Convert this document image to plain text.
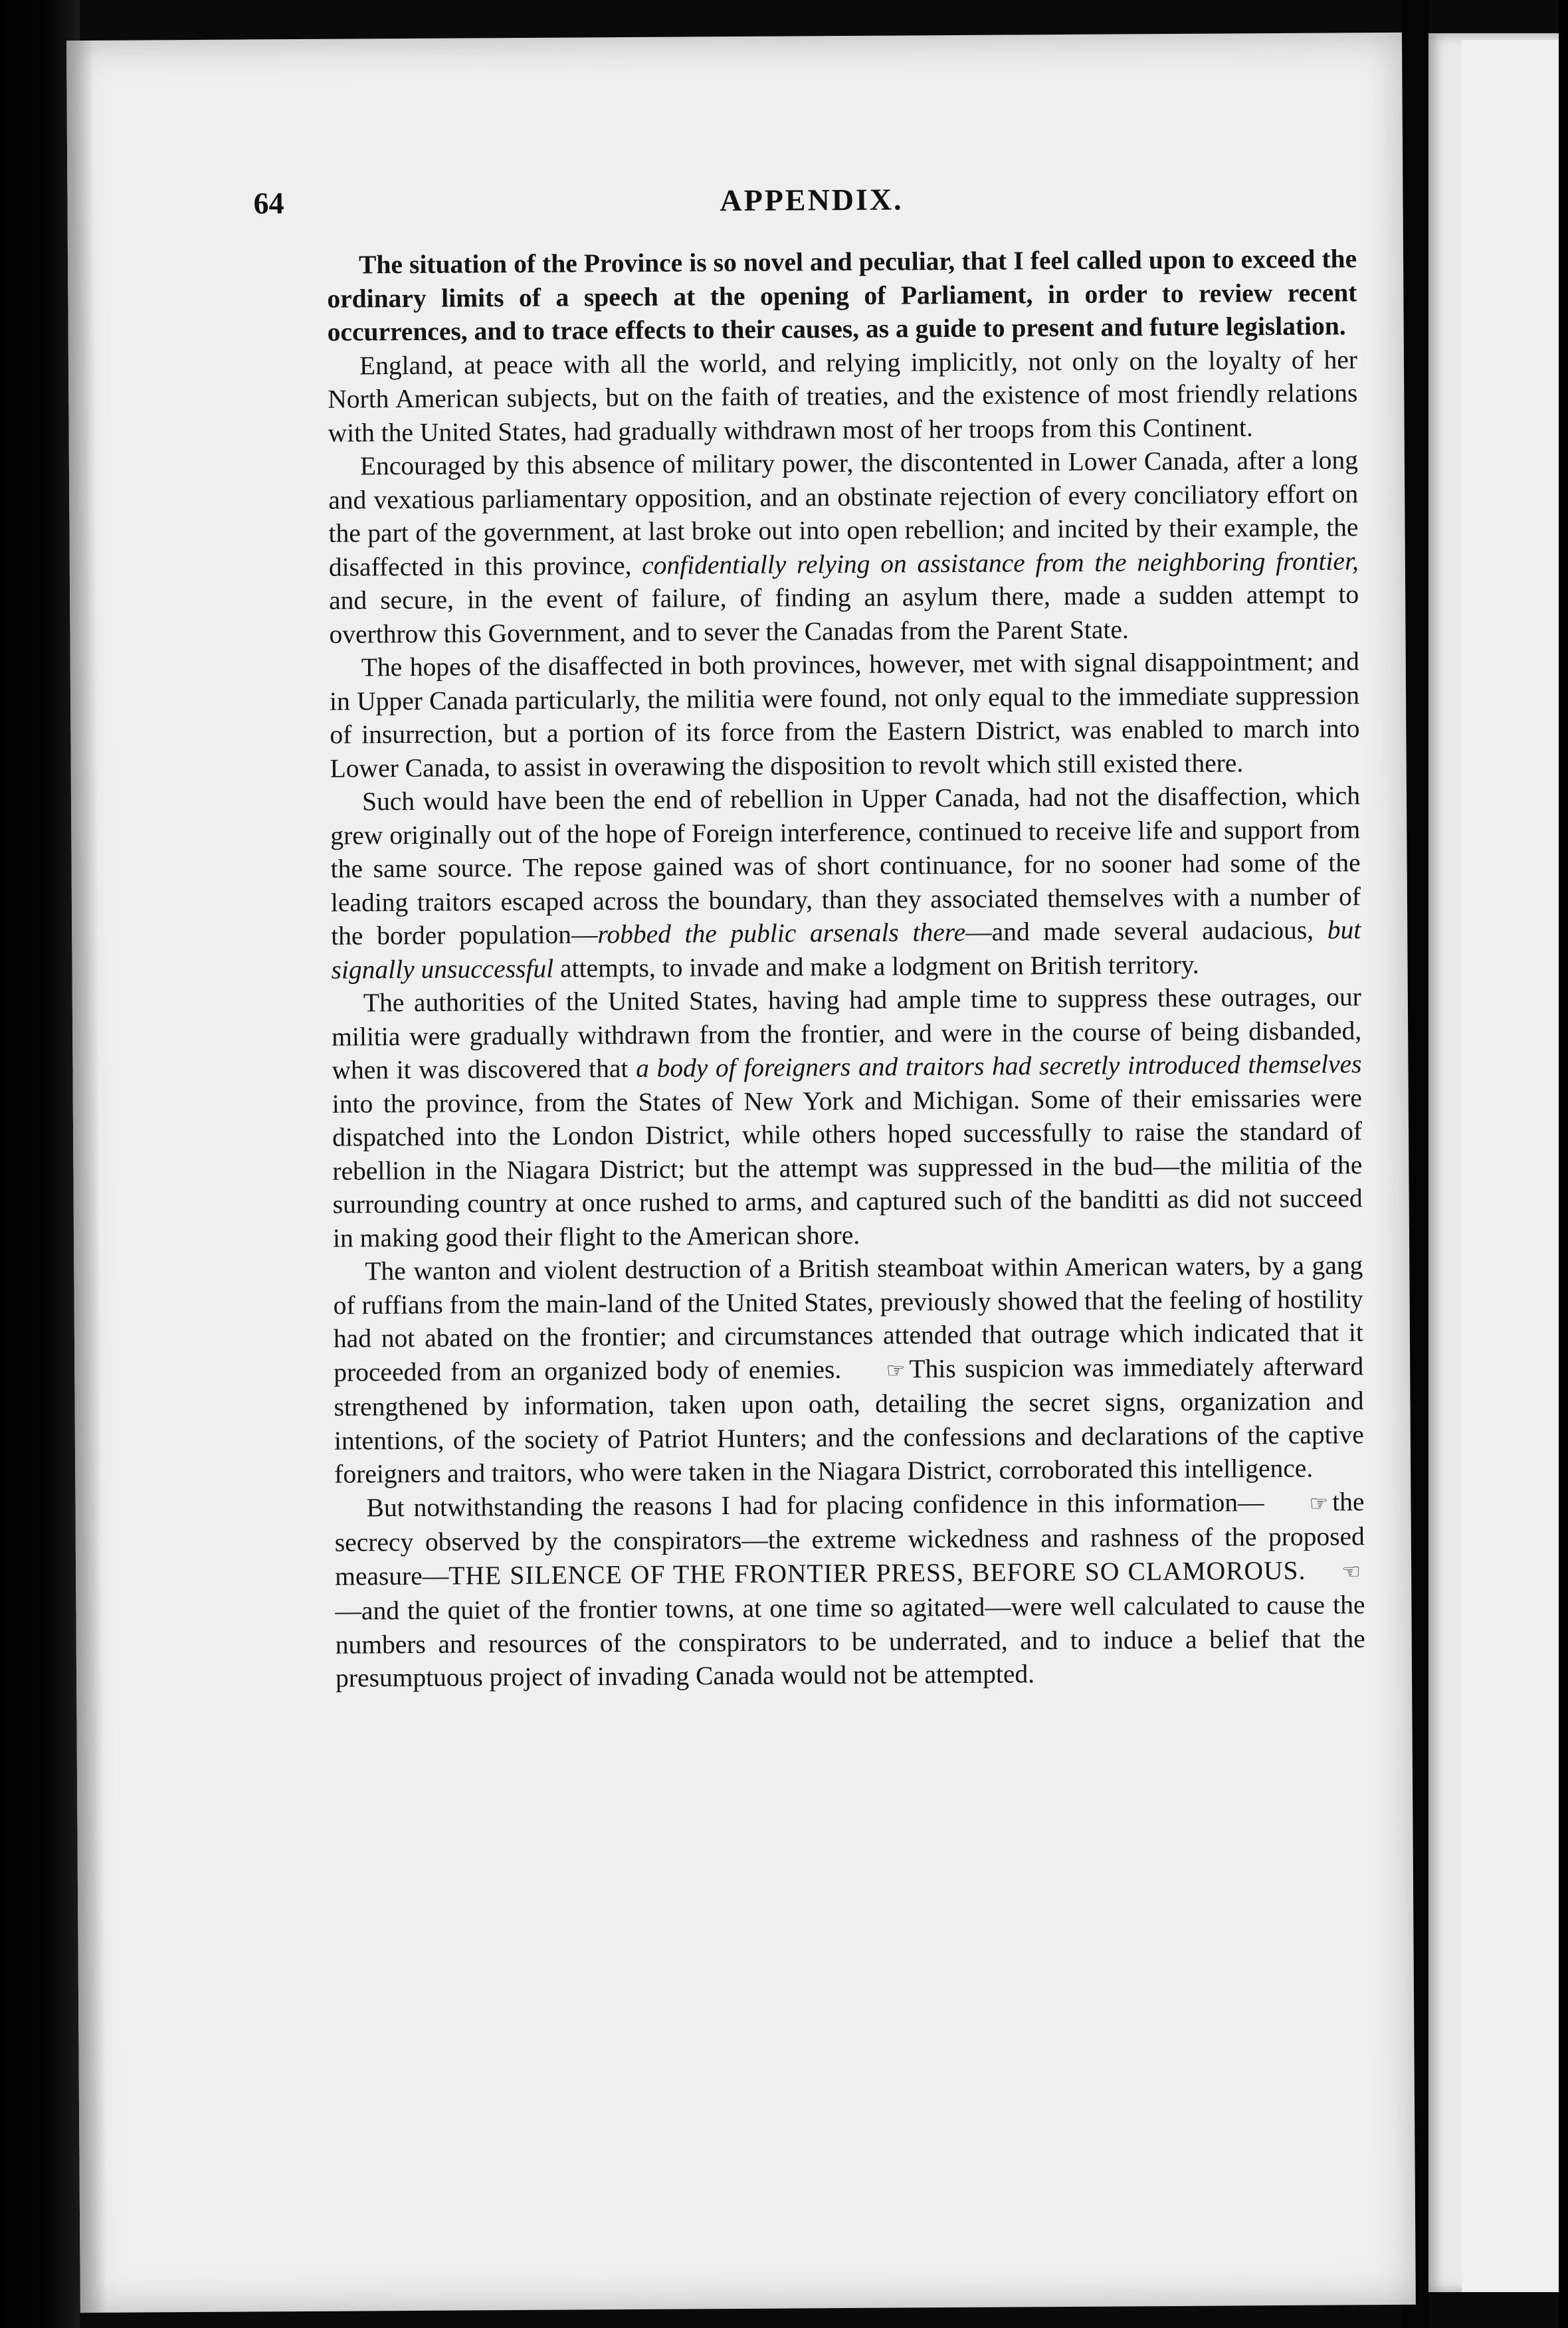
64	APPENDIX.

The situation of the Province is so novel and peculiar, that I feel called upon to exceed the ordinary limits of a speech at the opening of Parliament, in order to review recent occurrences, and to trace effects to their causes, as a guide to present and future legislation.

England, at peace with all the world, and relying implicitly, not only on the loyalty of her North American subjects, but on the faith of treaties, and the existence of most friendly relations with the United States, had gradually withdrawn most of her troops from this Continent.

Encouraged by this absence of military power, the discontented in Lower Canada, after a long and vexatious parliamentary opposition, and an obstinate rejection of every conciliatory effort on the part of the government, at last broke out into open rebellion; and incited by their example, the disaffected in this province, confidentially relying on assistance from the neighboring frontier, and secure, in the event of failure, of finding an asylum there, made a sudden attempt to overthrow this Government, and to sever the Canadas from the Parent State.

The hopes of the disaffected in both provinces, however, met with signal disappointment; and in Upper Canada particularly, the militia were found, not only equal to the immediate suppression of insurrection, but a portion of its force from the Eastern District, was enabled to march into Lower Canada, to assist in overawing the disposition to revolt which still existed there.

Such would have been the end of rebellion in Upper Canada, had not the disaffection, which grew originally out of the hope of Foreign interference, continued to receive life and support from the same source. The repose gained was of short continuance, for no sooner had some of the leading traitors escaped across the boundary, than they associated themselves with a number of the border population—robbed the public arsenals there—and made several audacious, but signally unsuccessful attempts, to invade and make a lodgment on British territory.

The authorities of the United States, having had ample time to suppress these outrages, our militia were gradually withdrawn from the frontier, and were in the course of being disbanded, when it was discovered that a body of foreigners and traitors had secretly introduced themselves into the province, from the States of New York and Michigan. Some of their emissaries were dispatched into the London District, while others hoped successfully to raise the standard of rebellion in the Niagara District; but the attempt was suppressed in the bud—the militia of the surrounding country at once rushed to arms, and captured such of the banditti as did not succeed in making good their flight to the American shore.

The wanton and violent destruction of a British steamboat within American waters, by a gang of ruffians from the main-land of the United States, previously showed that the feeling of hostility had not abated on the frontier; and circumstances attended that outrage which indicated that it proceeded from an organized body of enemies. ☞ This suspicion was immediately afterward strengthened by information, taken upon oath, detailing the secret signs, organization and intentions, of the society of Patriot Hunters; and the confessions and declarations of the captive foreigners and traitors, who were taken in the Niagara District, corroborated this intelligence.

But notwithstanding the reasons I had for placing confidence in this information— ☞ the secrecy observed by the conspirators—the extreme wickedness and rashness of the proposed measure—THE SILENCE OF THE FRONTIER PRESS, BEFORE SO CLAMOROUS. ☜—and the quiet of the frontier towns, at one time so agitated—were well calculated to cause the numbers and resources of the conspirators to be underrated, and to induce a belief that the presumptuous project of invading Canada would not be attempted.
